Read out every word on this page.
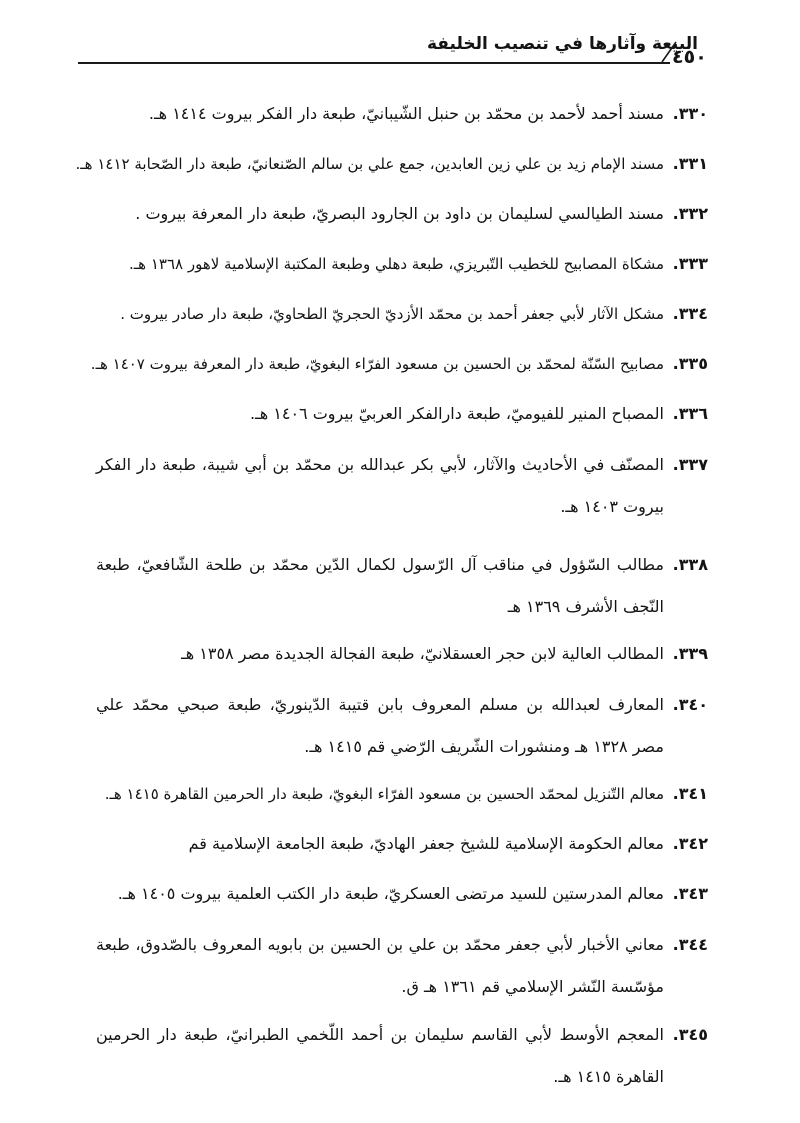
البيعة وآثارها في تنصيب الخليفة
٤٥٠
٣٣٠.
مسند أحمد لأحمد بن محمّد بن حنبل الشّيبانيّ، طبعة دار الفكر بيروت ١٤١٤ هـ.
٣٣١.
مسند الإمام زيد بن علي زين العابدين، جمع علي بن سالم الصّنعانيّ، طبعة دار الصّحابة ١٤١٢ هـ.
٣٣٢.
مسند الطيالسي لسليمان بن داود بن الجارود البصريّ، طبعة دار المعرفة بيروت .
٣٣٣.
مشكاة المصابيح للخطيب التّبريزي، طبعة دهلي وطبعة المكتبة الإسلامية لاهور ١٣٦٨ هـ.
٣٣٤.
مشكل الآثار لأبي جعفر أحمد بن محمّد الأزديّ الحجريّ الطحاويّ، طبعة دار صادر بيروت .
٣٣٥.
مصابيح السّنّة لمحمّد بن الحسين بن مسعود الفرّاء البغويّ، طبعة دار المعرفة بيروت ١٤٠٧ هـ.
٣٣٦.
المصباح المنير للفيوميّ، طبعة دارالفكر العربيّ بيروت ١٤٠٦ هـ.
٣٣٧.
المصنّف في الأحاديث والآثار، لأبي بكر عبدالله بن محمّد بن أبي شيبة، طبعة دار الفكر بيروت ١٤٠٣ هـ.
٣٣٨.
مطالب السّؤول في مناقب آل الرّسول لكمال الدّين محمّد بن طلحة الشّافعيّ، طبعة النّجف الأشرف ١٣٦٩ هـ
٣٣٩.
المطالب العالية لابن حجر العسقلانيّ، طبعة الفجالة الجديدة مصر ١٣٥٨ هـ
٣٤٠.
المعارف لعبدالله بن مسلم المعروف بابن قتيبة الدّينوريّ، طبعة صبحي محمّد علي مصر ١٣٢٨ هـ ومنشورات الشّريف الرّضي قم ١٤١٥ هـ.
٣٤١.
معالم التّنزيل لمحمّد الحسين بن مسعود الفرّاء البغويّ، طبعة دار الحرمين القاهرة ١٤١٥ هـ.
٣٤٢.
معالم الحكومة الإسلامية للشيخ جعفر الهاديّ، طبعة الجامعة الإسلامية قم
٣٤٣.
معالم المدرستين للسيد مرتضى العسكريّ، طبعة دار الكتب العلمية بيروت ١٤٠٥ هـ.
٣٤٤.
معاني الأخبار لأبي جعفر محمّد بن علي بن الحسين بن بابويه المعروف بالصّدوق، طبعة مؤسّسة النّشر الإسلامي قم ١٣٦١ هـ ق.
٣٤٥.
المعجم الأوسط لأبي القاسم سليمان بن أحمد اللّخمي الطبرانيّ، طبعة دار الحرمين القاهرة ١٤١٥ هـ.
